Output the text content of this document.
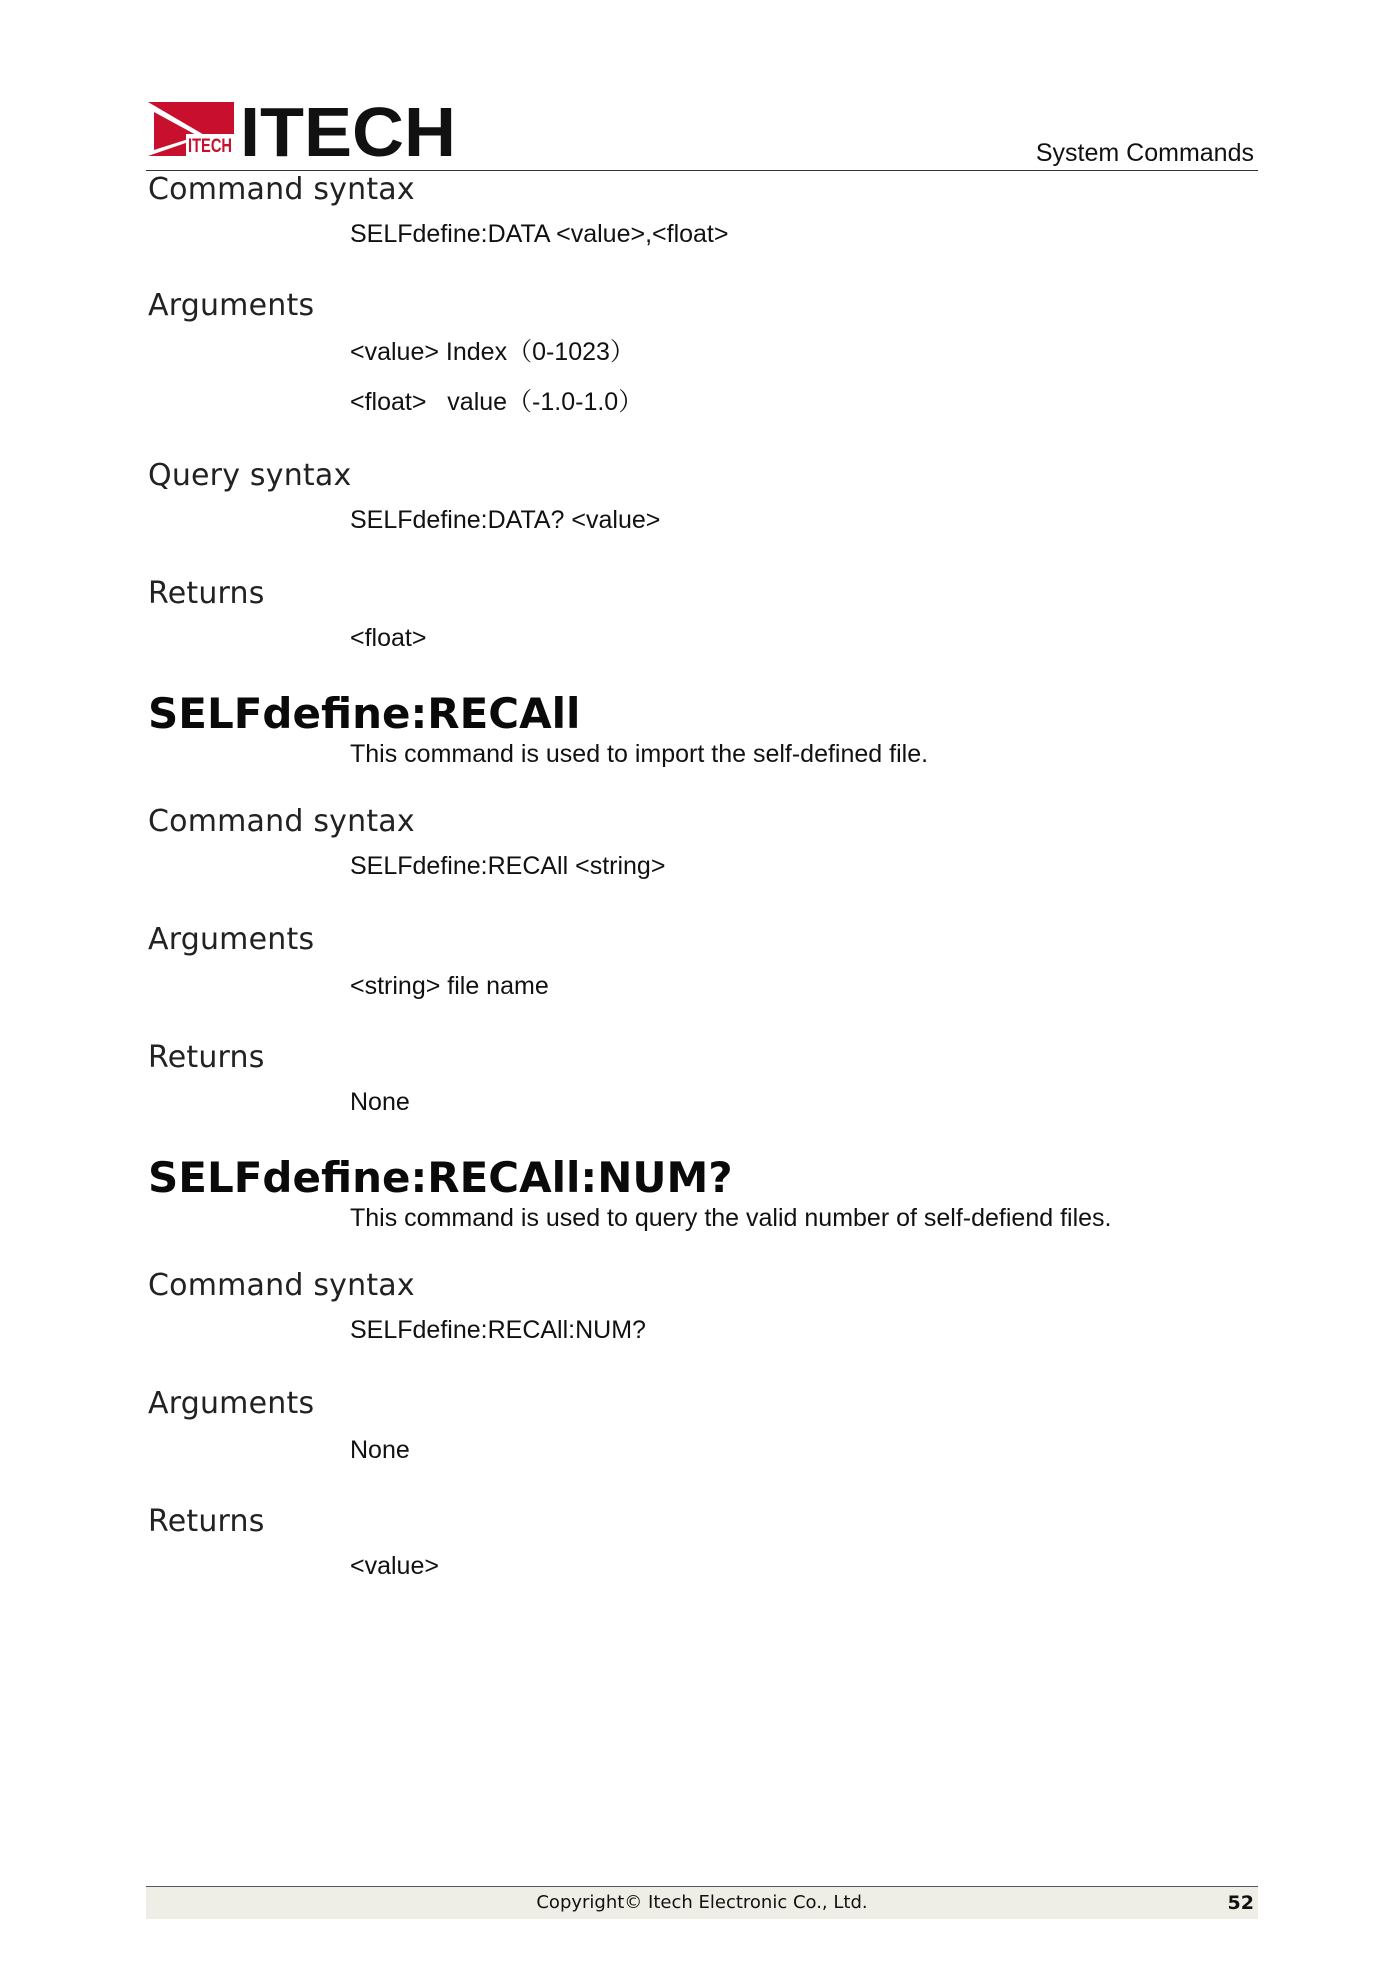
ITECH ITECH	System Commands
Command syntax
SELFdefine:DATA <value>,<float>
Arguments
<value> Index（0-1023）
<float>   value（-1.0-1.0）
Query syntax
SELFdefine:DATA? <value>
Returns
<float>
SELFdefine:RECAll
This command is used to import the self-defined file.
Command syntax
SELFdefine:RECAll <string>
Arguments
<string> file name
Returns
None
SELFdefine:RECAll:NUM?
This command is used to query the valid number of self-defiend files.
Command syntax
SELFdefine:RECAll:NUM?
Arguments
None
Returns
<value>
Copyright© Itech Electronic Co., Ltd.	52
